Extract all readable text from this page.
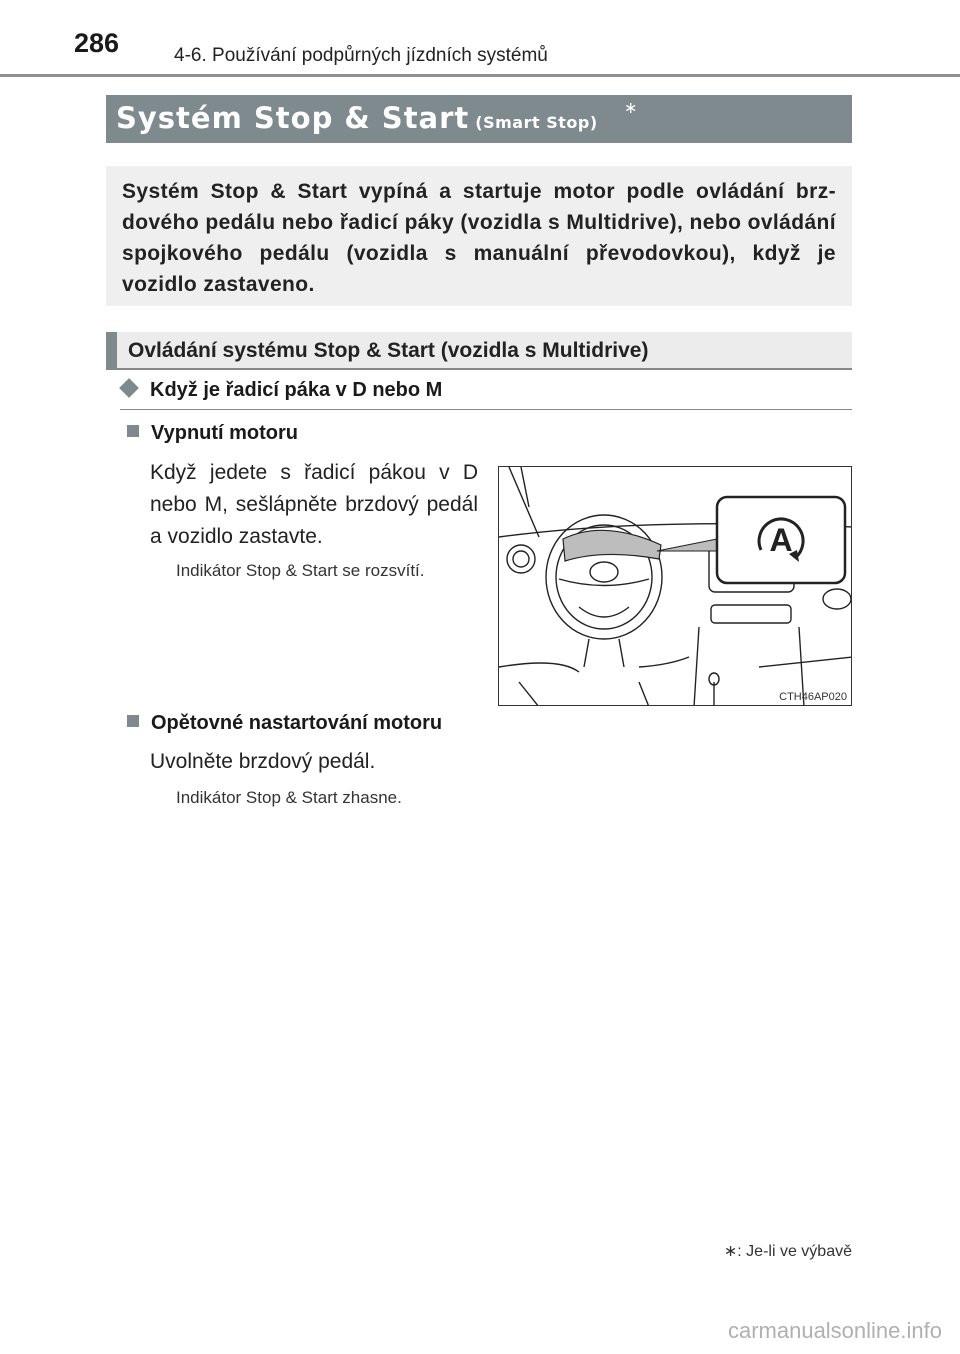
286	4-6. Používání podpůrných jízdních systémů
Systém Stop & Start (Smart Stop)
∗

Systém Stop & Start vypíná a startuje motor podle ovládání brz-dového pedálu nebo řadicí páky (vozidla s Multidrive), nebo ovládání spojkového pedálu (vozidla s manuální převodovkou), když je vozidlo zastaveno.

Ovládání systému Stop & Start (vozidla s Multidrive)
Když je řadicí páka v D nebo M
Vypnutí motoru

Když jedete s řadicí pákou v D nebo M, sešlápněte brzdový pedál a vozidlo zastavte.

Indikátor Stop & Start se rozsvítí.
A
CTH46AP020
Opětovné nastartování motoru

Uvolněte brzdový pedál.

Indikátor Stop & Start zhasne.
∗: Je-li ve výbavě
carmanualsonline.info
